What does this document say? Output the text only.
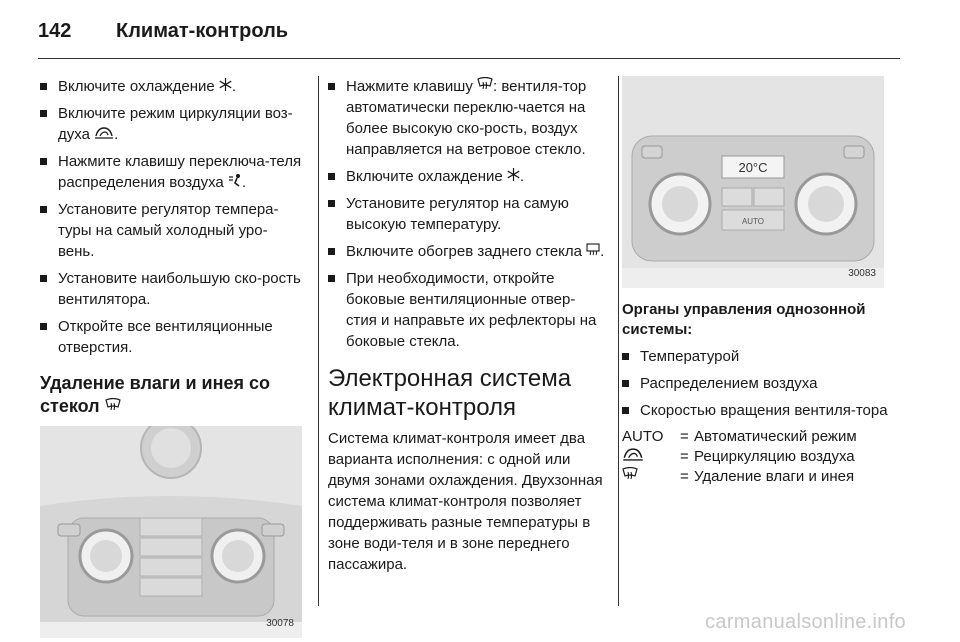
142 Климат-контроль
Включите охлаждение .
Включите режим циркуляции воз-духа .
Нажмите клавишу переключа-теля распределения воздуха .
Установите регулятор темпера-туры на самый холодный уро-вень.
Установите наибольшую ско-рость вентилятора.
Откройте все вентиляционные отверстия.
Удаление влаги и инея со стекол
30078
Нажмите клавишу : вентиля-тор автоматически переклю-чается на более высокую ско-рость, воздух направляется на ветровое стекло.
Включите охлаждение .
Установите регулятор на самую высокую температуру.
Включите обогрев заднего стекла .
При необходимости, откройте боковые вентиляционные отвер-стия и направьте их рефлекторы на боковые стекла.
Электронная система климат-контроля

Система климат-контроля имеет два варианта исполнения: с одной или двумя зонами охлаждения. Двухзонная система климат-контроля позволяет поддерживать разные температуры в зоне води-теля и в зоне переднего пассажира.

20°C
AUTO
30083

Органы управления однозонной системы:

Температурой
Распределением воздуха
Скоростью вращения вентиля-тора
AUTO	= Автоматический режим
= Рециркуляцию воздуха
= Удаление влаги и инея
carmanualsonline.info
